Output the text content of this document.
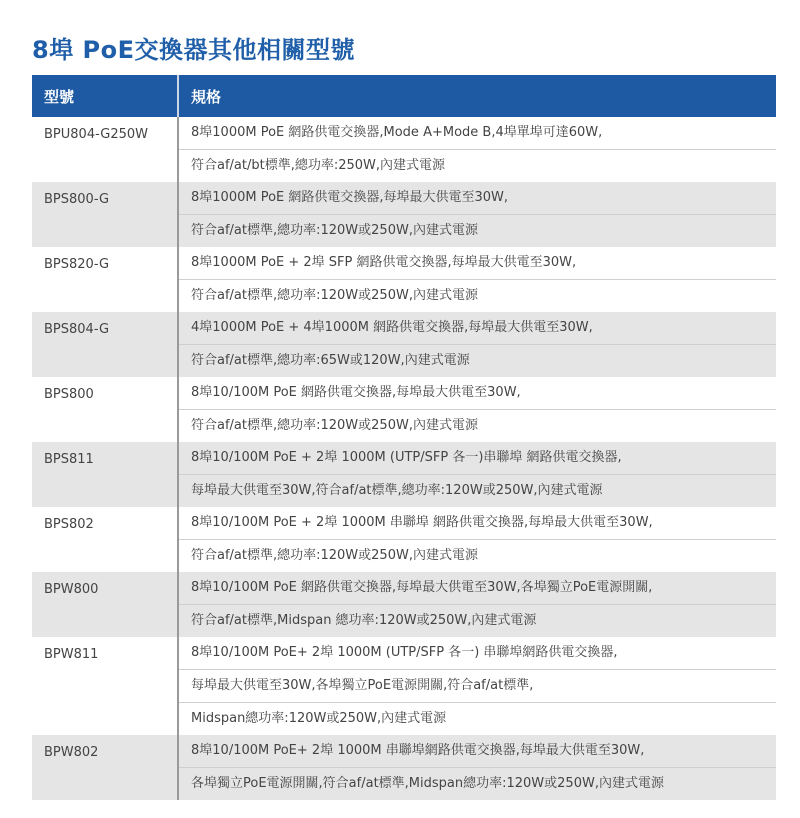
8埠 PoE交換器其他相關型號
型號	規格
BPU804-G250W	8埠1000M PoE 網路供電交換器,Mode A+Mode B,4埠單埠可達60W,
符合af/at/bt標準,總功率:250W,內建式電源

BPS800-G	8埠1000M PoE 網路供電交換器,每埠最大供電至30W,
符合af/at標準,總功率:120W或250W,內建式電源

BPS820-G	8埠1000M PoE + 2埠 SFP 網路供電交換器,每埠最大供電至30W,
符合af/at標準,總功率:120W或250W,內建式電源

BPS804-G	4埠1000M PoE + 4埠1000M 網路供電交換器,每埠最大供電至30W,
符合af/at標準,總功率:65W或120W,內建式電源

BPS800	8埠10/100M PoE 網路供電交換器,每埠最大供電至30W,
符合af/at標準,總功率:120W或250W,內建式電源

BPS811	8埠10/100M PoE + 2埠 1000M (UTP/SFP 各一)串聯埠 網路供電交換器,
每埠最大供電至30W,符合af/at標準,總功率:120W或250W,內建式電源

BPS802	8埠10/100M PoE + 2埠 1000M 串聯埠 網路供電交換器,每埠最大供電至30W,
符合af/at標準,總功率:120W或250W,內建式電源

BPW800	8埠10/100M PoE 網路供電交換器,每埠最大供電至30W,各埠獨立PoE電源開關,
符合af/at標準,Midspan 總功率:120W或250W,內建式電源

BPW811	8埠10/100M PoE+ 2埠 1000M (UTP/SFP 各一) 串聯埠網路供電交換器,
每埠最大供電至30W,各埠獨立PoE電源開關,符合af/at標準,
Midspan總功率:120W或250W,內建式電源

BPW802	8埠10/100M PoE+ 2埠 1000M 串聯埠網路供電交換器,每埠最大供電至30W,
各埠獨立PoE電源開關,符合af/at標準,Midspan總功率:120W或250W,內建式電源
